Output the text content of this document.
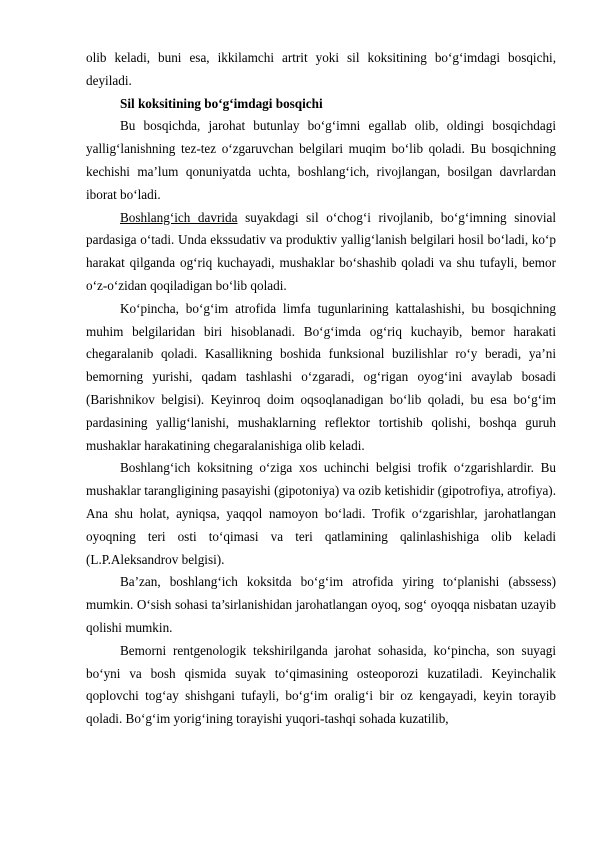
olib keladi, buni esa, ikkilamchi artrit yoki sil koksitining bo‘g‘imdagi bosqichi, deyiladi.

Sil koksitining bo‘g‘imdagi bosqichi

Bu bosqichda, jarohat butunlay bo‘g‘imni egallab olib, oldingi bosqichdagi yallig‘lanishning tez-tez o‘zgaruvchan belgilari muqim bo‘lib qoladi. Bu bosqichning kechishi ma’lum qonuniyatda uchta, boshlang‘ich, rivojlangan, bosilgan davrlardan iborat bo‘ladi.

Boshlang‘ich davrida suyakdagi sil o‘chog‘i rivojlanib, bo‘g‘imning sinovial pardasiga o‘tadi. Unda ekssudativ va produktiv yallig‘lanish belgilari hosil bo‘ladi, ko‘p harakat qilganda og‘riq kuchayadi, mushaklar bo‘shashib qoladi va shu tufayli, bemor o‘z-o‘zidan qoqiladigan bo‘lib qoladi.

Ko‘pincha, bo‘g‘im atrofida limfa tugunlarining kattalashishi, bu bosqichning muhim belgilaridan biri hisoblanadi. Bo‘g‘imda og‘riq kuchayib, bemor harakati chegaralanib qoladi. Kasallikning boshida funksional buzilishlar ro‘y beradi, ya’ni bemorning yurishi, qadam tashlashi o‘zgaradi, og‘rigan oyog‘ini avaylab bosadi (Barishnikov belgisi). Keyinroq doim oqsoqlanadigan bo‘lib qoladi, bu esa bo‘g‘im pardasining yallig‘lanishi, mushaklarning reflektor tortishib qolishi, boshqa guruh mushaklar harakatining chegaralanishiga olib keladi.

Boshlang‘ich koksitning o‘ziga xos uchinchi belgisi trofik o‘zgarishlardir. Bu mushaklar tarangligining pasayishi (gipotoniya) va ozib ketishidir (gipotrofiya, atrofiya). Ana shu holat, ayniqsa, yaqqol namoyon bo‘ladi. Trofik o‘zgarishlar, jarohatlangan oyoqning teri osti to‘qimasi va teri qatlamining qalinlashishiga olib keladi (L.P.Aleksandrov belgisi).

Ba’zan, boshlang‘ich koksitda bo‘g‘im atrofida yiring to‘planishi (abssess) mumkin. O‘sish sohasi ta’sirlanishidan jarohatlangan oyoq, sog‘ oyoqqa nisbatan uzayib qolishi mumkin.

Bemorni rentgenologik tekshirilganda jarohat sohasida, ko‘pincha, son suyagi bo‘yni va bosh qismida suyak to‘qimasining osteoporozi kuzatiladi. Keyinchalik qoplovchi tog‘ay shishgani tufayli, bo‘g‘im oralig‘i bir oz kengayadi, keyin torayib qoladi. Bo‘g‘im yorig‘ining torayishi yuqori-tashqi sohada kuzatilib,
